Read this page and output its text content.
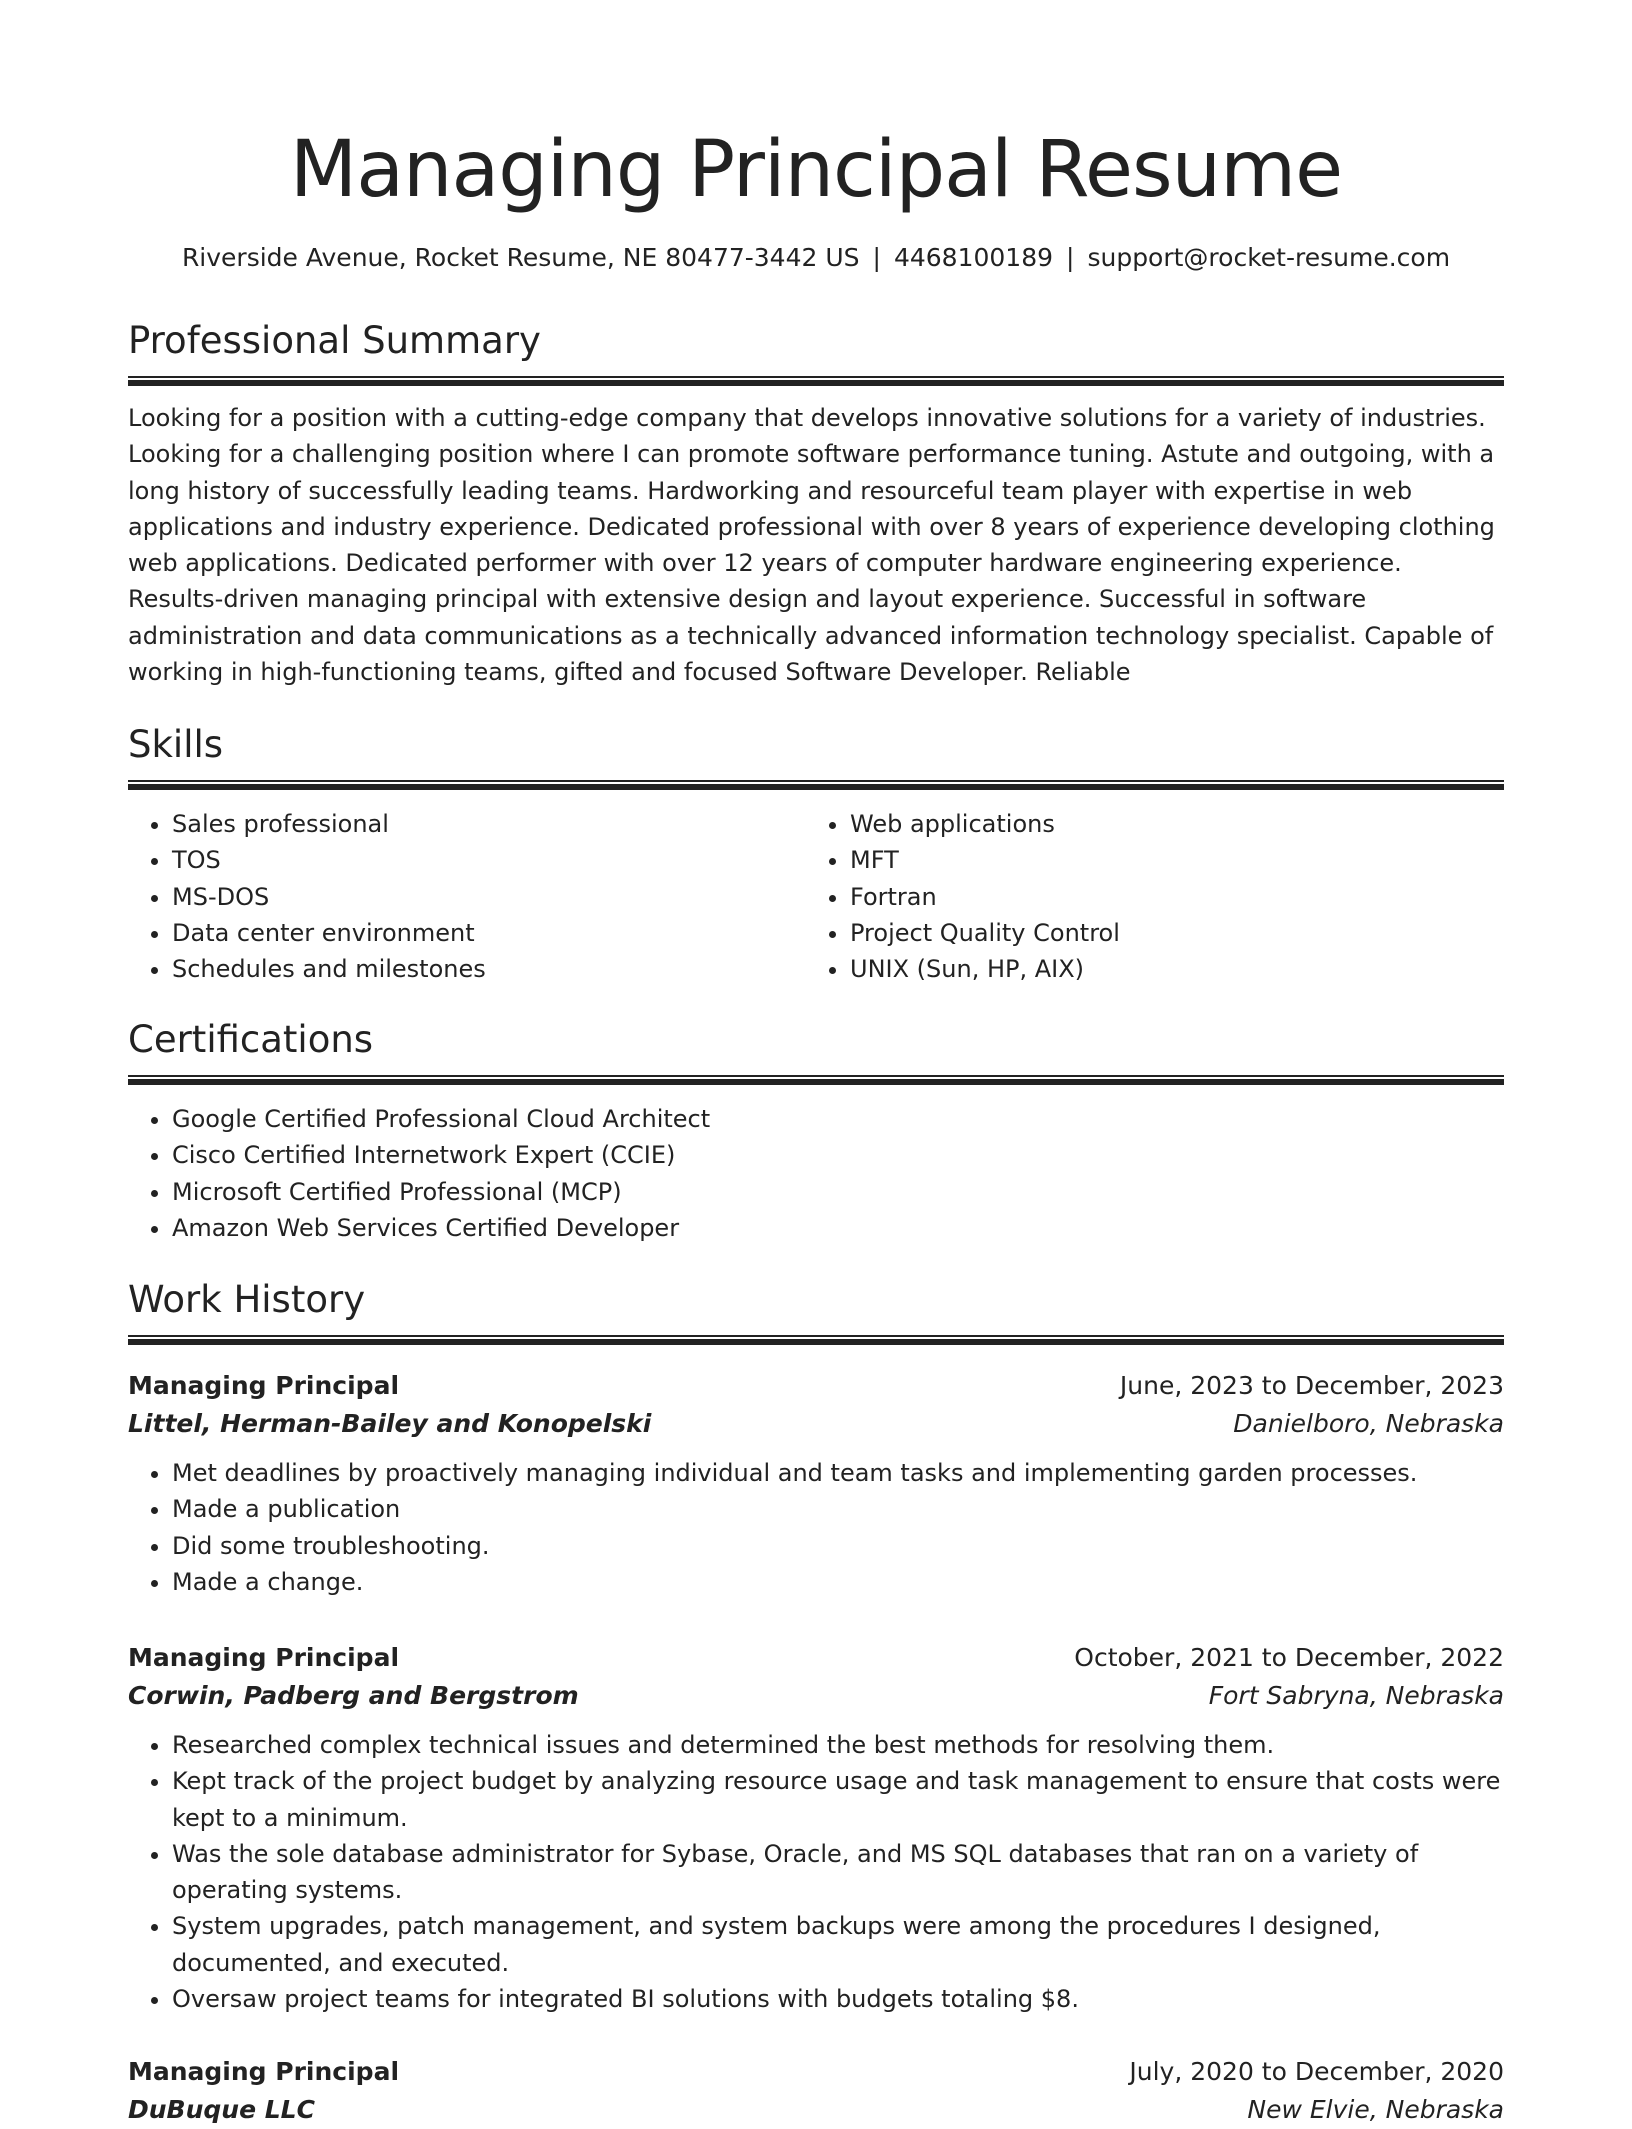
Managing Principal Resume
Riverside Avenue, Rocket Resume, NE 80477-3442 US | 4468100189 | support@rocket-resume.com
Professional Summary

Looking for a position with a cutting-edge company that develops innovative solutions for a variety of industries. Looking for a challenging position where I can promote software performance tuning. Astute and outgoing, with a long history of successfully leading teams. Hardworking and resourceful team player with expertise in web applications and industry experience. Dedicated professional with over 8 years of experience developing clothing web applications. Dedicated performer with over 12 years of computer hardware engineering experience. Results-driven managing principal with extensive design and layout experience. Successful in software administration and data communications as a technically advanced information technology specialist. Capable of working in high-functioning teams, gifted and focused Software Developer. Reliable

Skills
• Sales professional
• TOS
• MS-DOS
• Data center environment
• Schedules and milestones
• Web applications
• MFT
• Fortran
• Project Quality Control
• UNIX (Sun, HP, AIX)
Certifications
• Google Certified Professional Cloud Architect
• Cisco Certified Internetwork Expert (CCIE)
• Microsoft Certified Professional (MCP)
• Amazon Web Services Certified Developer
Work History
Managing Principal	June, 2023 to December, 2023
Littel, Herman-Bailey and Konopelski	Danielboro, Nebraska
• Met deadlines by proactively managing individual and team tasks and implementing garden processes.
• Made a publication
• Did some troubleshooting.
• Made a change.
Managing Principal	October, 2021 to December, 2022
Corwin, Padberg and Bergstrom	Fort Sabryna, Nebraska
• Researched complex technical issues and determined the best methods for resolving them.
• Kept track of the project budget by analyzing resource usage and task management to ensure that costs were kept to a minimum.
• Was the sole database administrator for Sybase, Oracle, and MS SQL databases that ran on a variety of operating systems.
• System upgrades, patch management, and system backups were among the procedures I designed, documented, and executed.
• Oversaw project teams for integrated BI solutions with budgets totaling $8.
Managing Principal	July, 2020 to December, 2020
DuBuque LLC	New Elvie, Nebraska
